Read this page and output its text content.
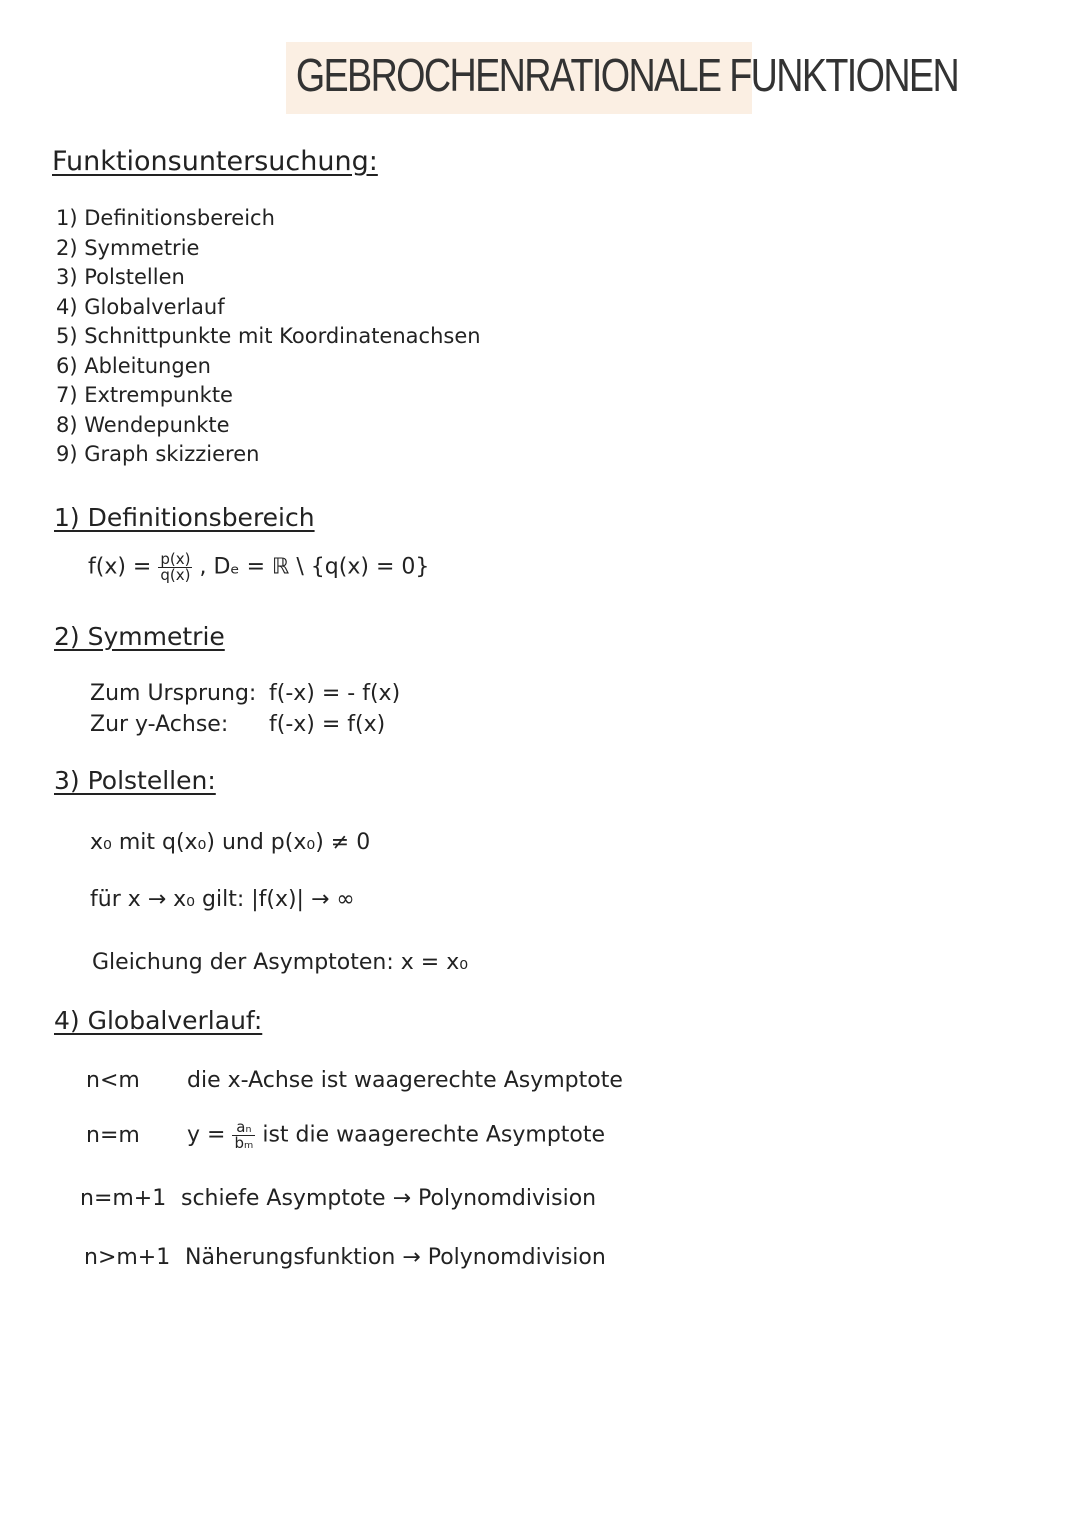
GEBROCHENRATIONALE FUNKTIONEN
Funktionsuntersuchung:
1) Definitionsbereich
2) Symmetrie
3) Polstellen
4) Globalverlauf
5) Schnittpunkte mit Koordinatenachsen
6) Ableitungen
7) Extrempunkte
8) Wendepunkte
9) Graph skizzieren
1) Definitionsbereich
$f(x) = \frac{p(x)}{q(x)}$ , Dₑ = ℝ \ {q(x) = 0}
2) Symmetrie
Zum Ursprung: f(-x) = - f(x)
Zur y-Achse: f(-x) = f(x)
3) Polstellen:
x₀ mit q(x₀) und p(x₀) ≠ 0
für x → x₀ gilt: |f(x)| → ∞
Gleichung der Asymptoten: x = x₀
4) Globalverlauf:
n<m die x-Achse ist waagerechte Asymptote
n=m $y = \frac{\text{aₙ}}{\text{bₘ}}$ ist die waagerechte Asymptote
n=m+1 schiefe Asymptote → Polynomdivision
n>m+1 Näherungsfunktion → Polynomdivision
